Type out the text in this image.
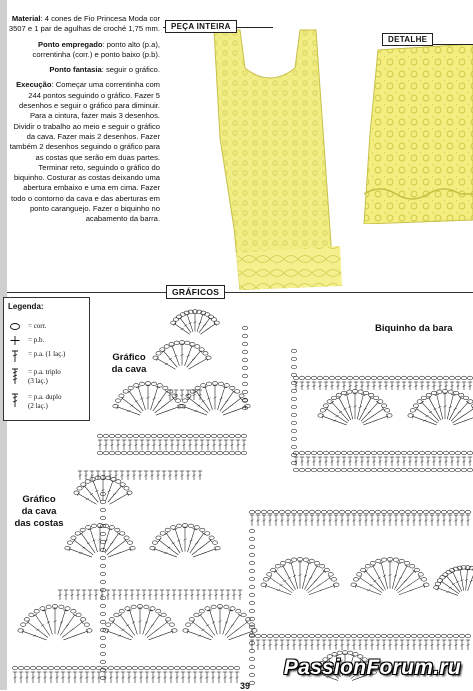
Material: 4 cones de Fio Princesa Moda cor 3507 e 1 par de agulhas de croché 1,75 mm.

Ponto empregado: ponto alto (p.a), correntinha (corr.) e ponto baixo (p.b).

Ponto fantasia: seguir o gráfico.

Execução: Começar uma correntinha com 244 pontos seguindo o gráfico. Fazer 5 desenhos e seguir o gráfico para diminuir. Para a cintura, fazer mais 3 desenhos. Dividir o trabalho ao meio e seguir o gráfico da cava. Fazer mais 2 desenhos. Fazer também 2 desenhos seguindo o gráfico para as costas que serão em duas partes. Terminar reto, seguindo o gráfico do biquinho. Costurar as costas deixando uma abertura embaixo e uma em cima. Fazer todo o contorno da cava e das aberturas em ponto caranguejo. Fazer o biquinho no acabamento da barra.

PEÇA INTEIRA
DETALHE
GRÁFICOS
Legenda:
= corr.
= p.b.
= p.a. (1 laç.)
= p.a. triplo
(3 laç.)
= p.a. duplo
(2 laç.)
Gráfico
da cava
Biquinho da bara
Gráfico
da cava
das costas
39
PassionForum.ru
